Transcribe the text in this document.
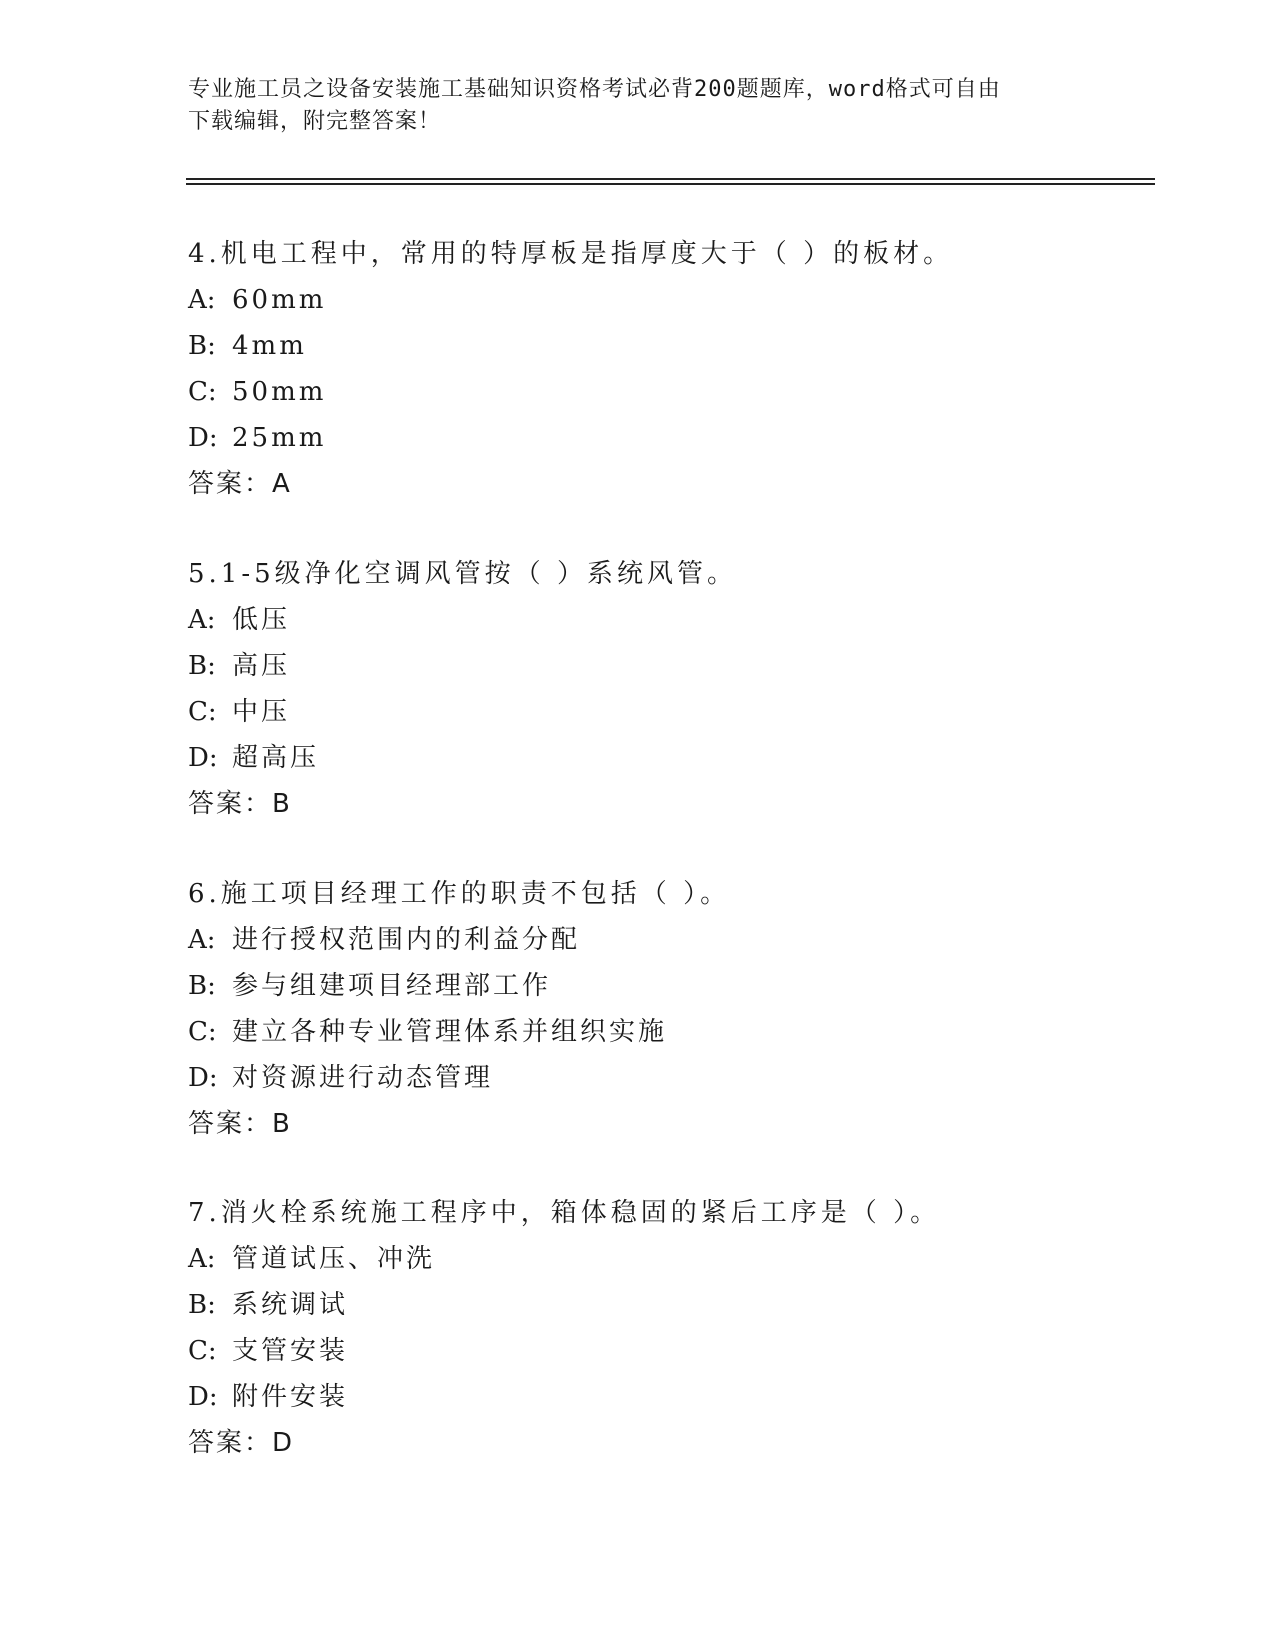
专业施工员之设备安装施工基础知识资格考试必背200题题库，word格式可自由
下载编辑，附完整答案！
4.机电工程中，常用的特厚板是指厚度大于（ ）的板材。
A: 60mm
B: 4mm
C: 50mm
D: 25mm
答案：A
5.1-5级净化空调风管按（ ）系统风管。
A: 低压
B: 高压
C: 中压
D: 超高压
答案：B
6.施工项目经理工作的职责不包括（ ）。
A: 进行授权范围内的利益分配
B: 参与组建项目经理部工作
C: 建立各种专业管理体系并组织实施
D: 对资源进行动态管理
答案：B
7.消火栓系统施工程序中，箱体稳固的紧后工序是（ ）。
A: 管道试压、冲洗
B: 系统调试
C: 支管安装
D: 附件安装
答案：D
